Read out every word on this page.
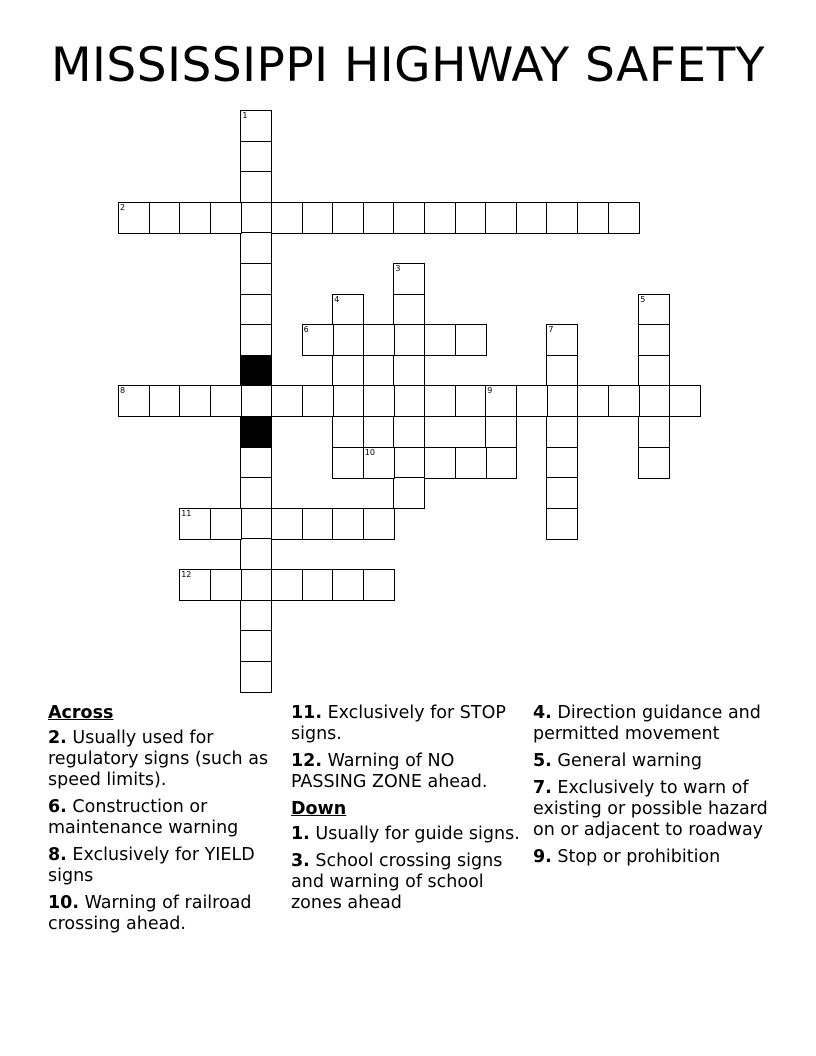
MISSISSIPPI HIGHWAY SAFETY
1
2
3
4	5
6	7
8	9
10
11
12
Across
2. Usually used for regulatory signs (such as speed limits).
6. Construction or maintenance warning
8. Exclusively for YIELD signs
10. Warning of railroad crossing ahead.
11. Exclusively for STOP signs.
12. Warning of NO PASSING ZONE ahead.
Down
1. Usually for guide signs.
3. School crossing signs and warning of school zones ahead
4. Direction guidance and permitted movement
5. General warning
7. Exclusively to warn of existing or possible hazard on or adjacent to roadway
9. Stop or prohibition
